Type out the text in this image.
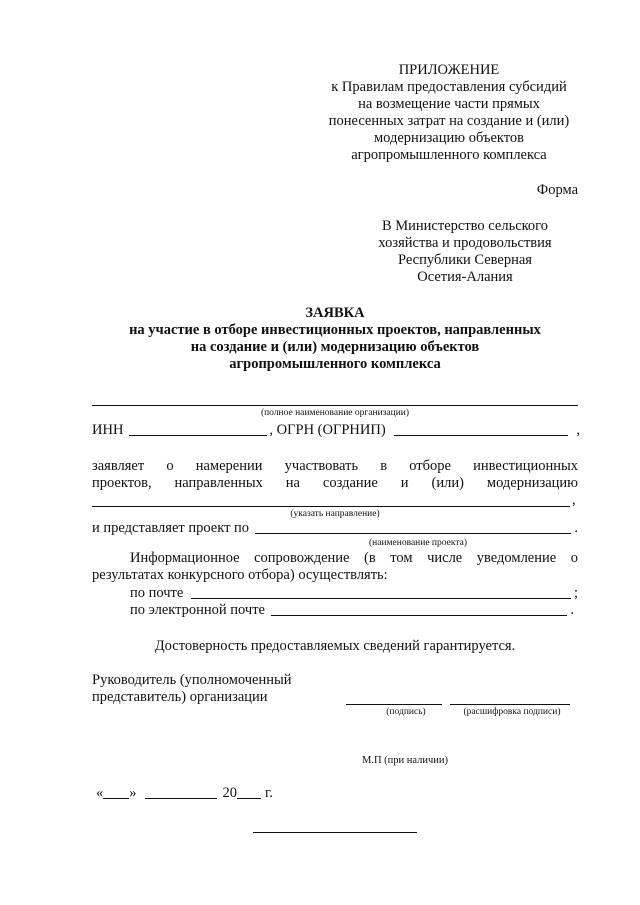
ПРИЛОЖЕНИЕ
к Правилам предоставления субсидий
на возмещение части прямых
понесенных затрат на создание и (или)
модернизацию объектов
агропромышленного комплекса
Форма
В Министерство сельского
хозяйства и продовольствия
Республики Северная
Осетия-Алания
ЗАЯВКА
на участие в отборе инвестиционных проектов, направленных
на создание и (или) модернизацию объектов
агропромышленного комплекса
(полное наименование организации)
ИНН	, ОГРН (ОГРНИП)	,
заявляет о намерении участвовать в отборе инвестиционных
проектов, направленных на создание и (или) модернизацию
,
(указать направление)
и представляет проект по	.
(наименование проекта)
Информационное сопровождение (в том числе уведомление о
результатах конкурсного отбора) осуществлять:
по почте	;
по электронной почте	.
Достоверность предоставляемых сведений гарантируется.
Руководитель (уполномоченный
представитель) организации
(подпись)	(расшифровка подписи)
М.П (при наличии)
« »	20 г.
